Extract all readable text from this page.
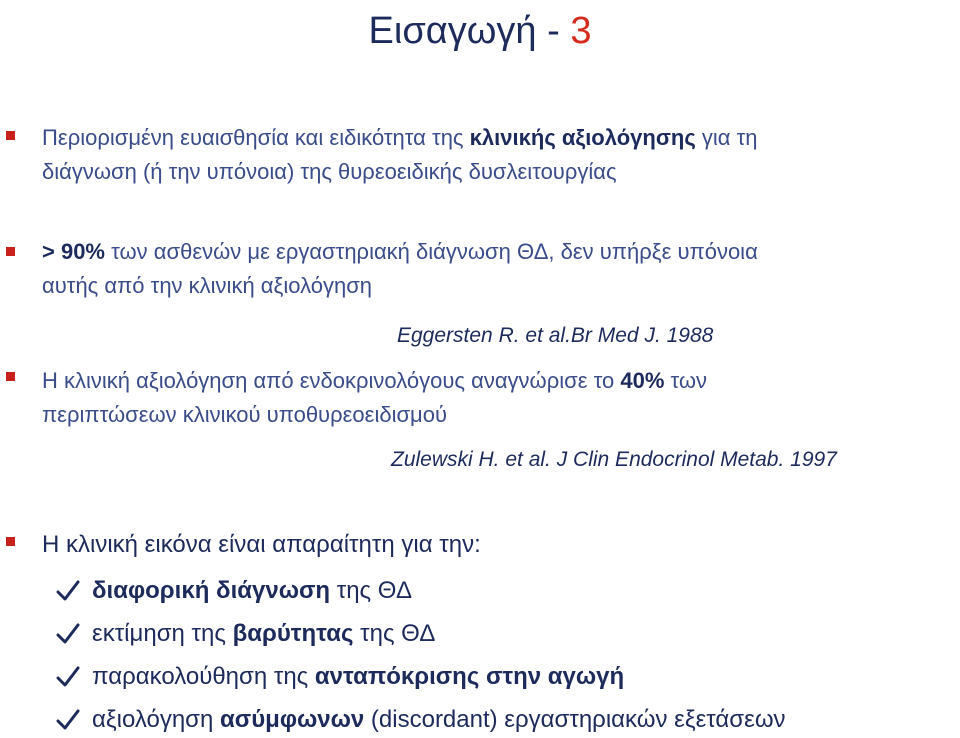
Εισαγωγή - 3
Περιορισμένη ευαισθησία και ειδικότητα της κλινικής αξιολόγησης για τη
διάγνωση (ή την υπόνοια) της θυρεοειδικής δυσλειτουργίας
> 90% των ασθενών με εργαστηριακή διάγνωση ΘΔ, δεν υπήρξε υπόνοια
αυτής από την κλινική αξιολόγηση
Eggersten R. et al.Br Med J. 1988
Η κλινική αξιολόγηση από ενδοκρινολόγους αναγνώρισε το 40% των
περιπτώσεων κλινικού υποθυρεοειδισμού
Zulewski H. et al. J Clin Endocrinol Metab. 1997
Η κλινική εικόνα είναι απαραίτητη για την:
διαφορική διάγνωση της ΘΔ
εκτίμηση της βαρύτητας της ΘΔ
παρακολούθηση της ανταπόκρισης στην αγωγή
αξιολόγηση ασύμφωνων (discordant) εργαστηριακών εξετάσεων
